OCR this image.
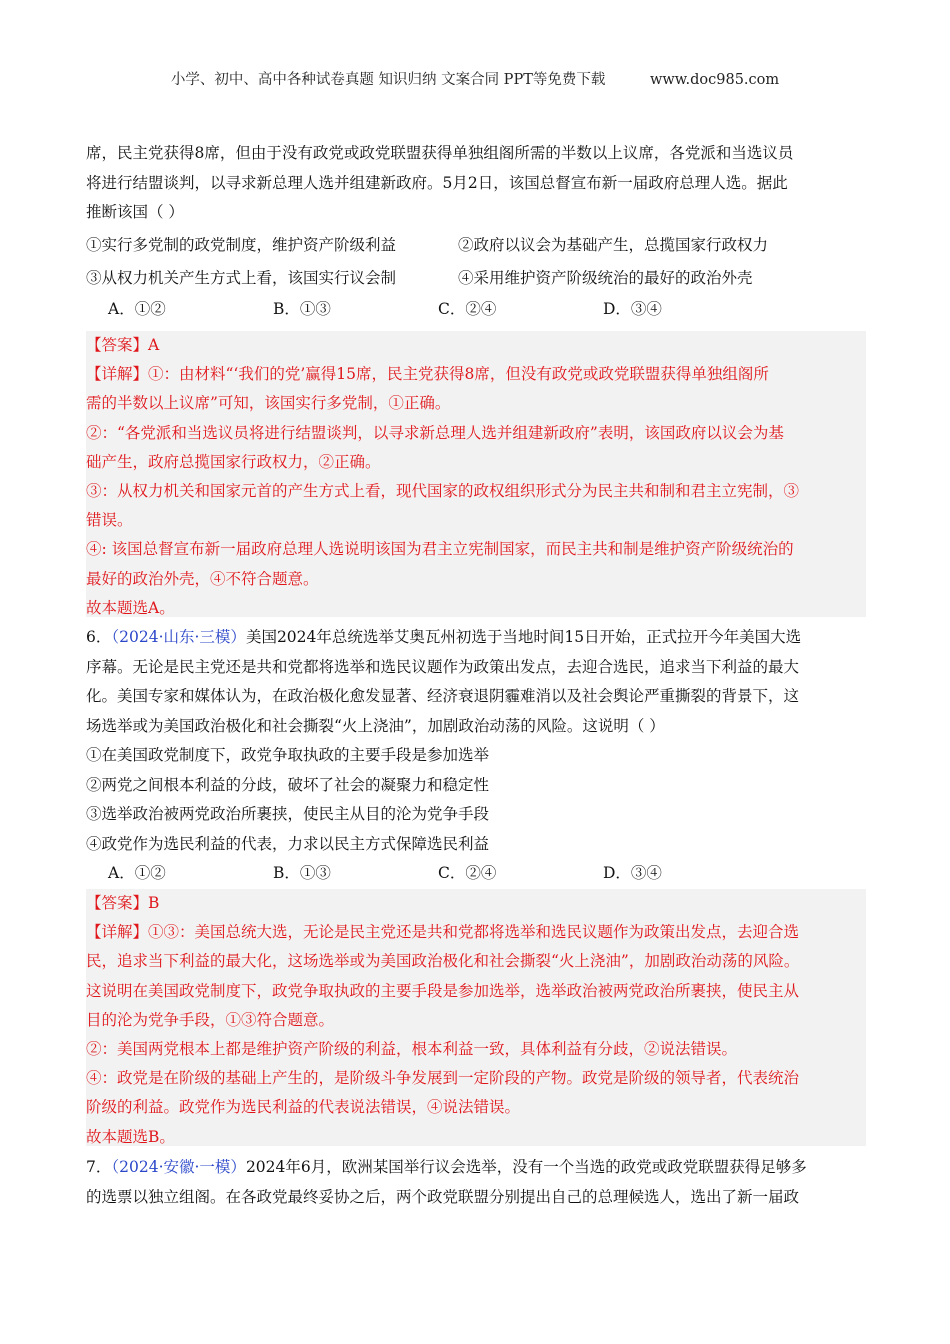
小学、初中、高中各种试卷真题 知识归纳 文案合同 PPT等免费下载	www.doc985.com
席，民主党获得8席，但由于没有政党或政党联盟获得单独组阁所需的半数以上议席，各党派和当选议员
将进行结盟谈判，以寻求新总理人选并组建新政府。5月2日，该国总督宣布新一届政府总理人选。据此
推断该国（ ）
①实行多党制的政党制度，维护资产阶级利益	②政府以议会为基础产生，总揽国家行政权力
③从权力机关产生方式上看，该国实行议会制	④采用维护资产阶级统治的最好的政治外壳
A．①②	B．①③	C．②④	D．③④
【答案】A
【详解】①：由材料“‘我们的党’赢得15席，民主党获得8席，但没有政党或政党联盟获得单独组阁所
需的半数以上议席”可知，该国实行多党制，①正确。
②：“各党派和当选议员将进行结盟谈判，以寻求新总理人选并组建新政府”表明，该国政府以议会为基
础产生，政府总揽国家行政权力，②正确。
③：从权力机关和国家元首的产生方式上看，现代国家的政权组织形式分为民主共和制和君主立宪制，③
错误。
④: 该国总督宣布新一届政府总理人选说明该国为君主立宪制国家，而民主共和制是维护资产阶级统治的
最好的政治外壳，④不符合题意。
故本题选A。
6．（2024·山东·三模）美国2024年总统选举艾奥瓦州初选于当地时间15日开始，正式拉开今年美国大选
序幕。无论是民主党还是共和党都将选举和选民议题作为政策出发点，去迎合选民，追求当下利益的最大
化。美国专家和媒体认为，在政治极化愈发显著、经济衰退阴霾难消以及社会舆论严重撕裂的背景下，这
场选举或为美国政治极化和社会撕裂“火上浇油”，加剧政治动荡的风险。这说明（ ）
①在美国政党制度下，政党争取执政的主要手段是参加选举
②两党之间根本利益的分歧，破坏了社会的凝聚力和稳定性
③选举政治被两党政治所裹挟，使民主从目的沦为党争手段
④政党作为选民利益的代表，力求以民主方式保障选民利益
A．①②	B．①③	C．②④	D．③④
【答案】B
【详解】①③：美国总统大选，无论是民主党还是共和党都将选举和选民议题作为政策出发点，去迎合选
民，追求当下利益的最大化，这场选举或为美国政治极化和社会撕裂“火上浇油”，加剧政治动荡的风险。
这说明在美国政党制度下，政党争取执政的主要手段是参加选举，选举政治被两党政治所裹挟，使民主从
目的沦为党争手段，①③符合题意。
②：美国两党根本上都是维护资产阶级的利益，根本利益一致，具体利益有分歧，②说法错误。
④：政党是在阶级的基础上产生的，是阶级斗争发展到一定阶段的产物。政党是阶级的领导者，代表统治
阶级的利益。政党作为选民利益的代表说法错误，④说法错误。
故本题选B。
7．（2024·安徽·一模）2024年6月，欧洲某国举行议会选举，没有一个当选的政党或政党联盟获得足够多
的选票以独立组阁。在各政党最终妥协之后，两个政党联盟分别提出自己的总理候选人，选出了新一届政
